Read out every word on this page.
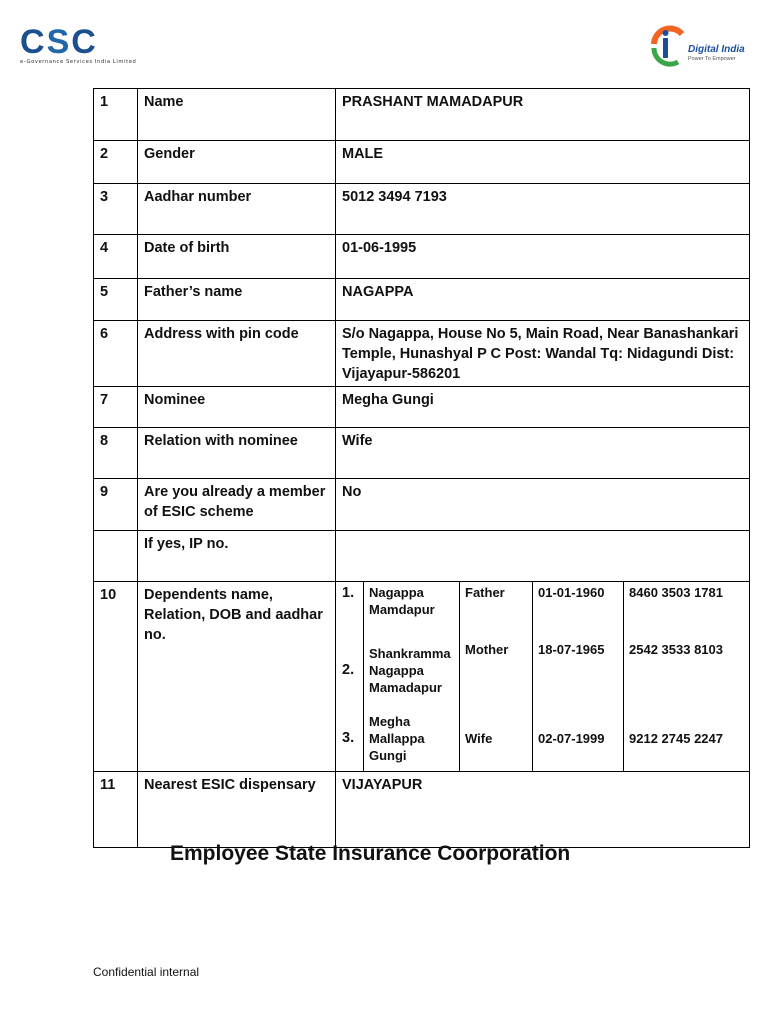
C S C
e-Governance Services India Limited
Digital India
Power To Empower
1	Name	PRASHANT MAMADAPUR
2	Gender	MALE
3	Aadhar number	5012 3494 7193
4	Date of birth	01-06-1995
5	Father’s name	NAGAPPA
6	Address with pin code	S/o Nagappa, House No 5, Main Road, Near Banashankari Temple, Hunashyal P C Post: Wandal Tq: Nidagundi Dist: Vijayapur-586201
7	Nominee	Megha Gungi
8	Relation with nominee	Wife
9	Are you already a member of ESIC scheme	No
	If yes, IP no.	
10	Dependents name, Relation, DOB and aadhar no.	
1.	Nagappa Mamdapur	Father	01-01-1960	8460 3503 1781
2.	Shankramma Nagappa Mamadapur	Mother	18-07-1965	2542 3533 8103
3.	Megha Mallappa Gungi	Wife	02-07-1999	9212 2745 2247

11	Nearest ESIC dispensary	VIJAYAPUR
Employee State Insurance Coorporation
Confidential internal
